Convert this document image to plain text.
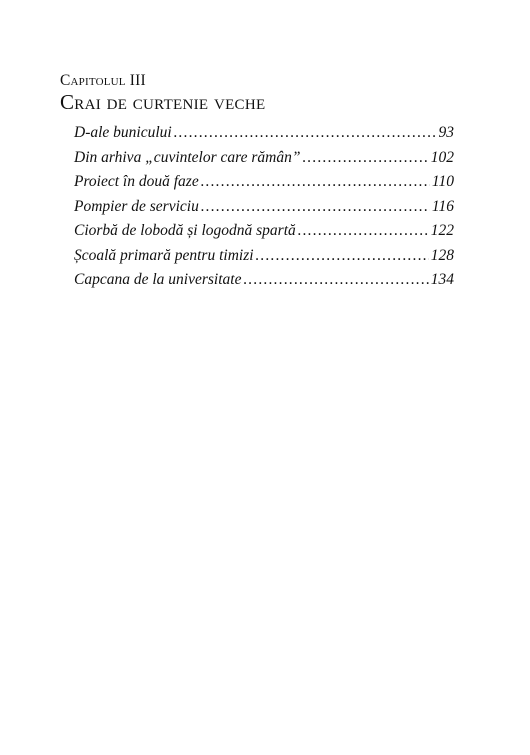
Capitolul III

Crai de curtenie veche

D-ale bunicului .....	93
Din arhiva „cuvintelor care rămân” .....	102
Proiect în două faze .....	110
Pompier de serviciu .....	116
Ciorbă de lobodă și logodnă spartă .....	122
Școală primară pentru timizi .....	128
Capcana de la universitate .....	134
